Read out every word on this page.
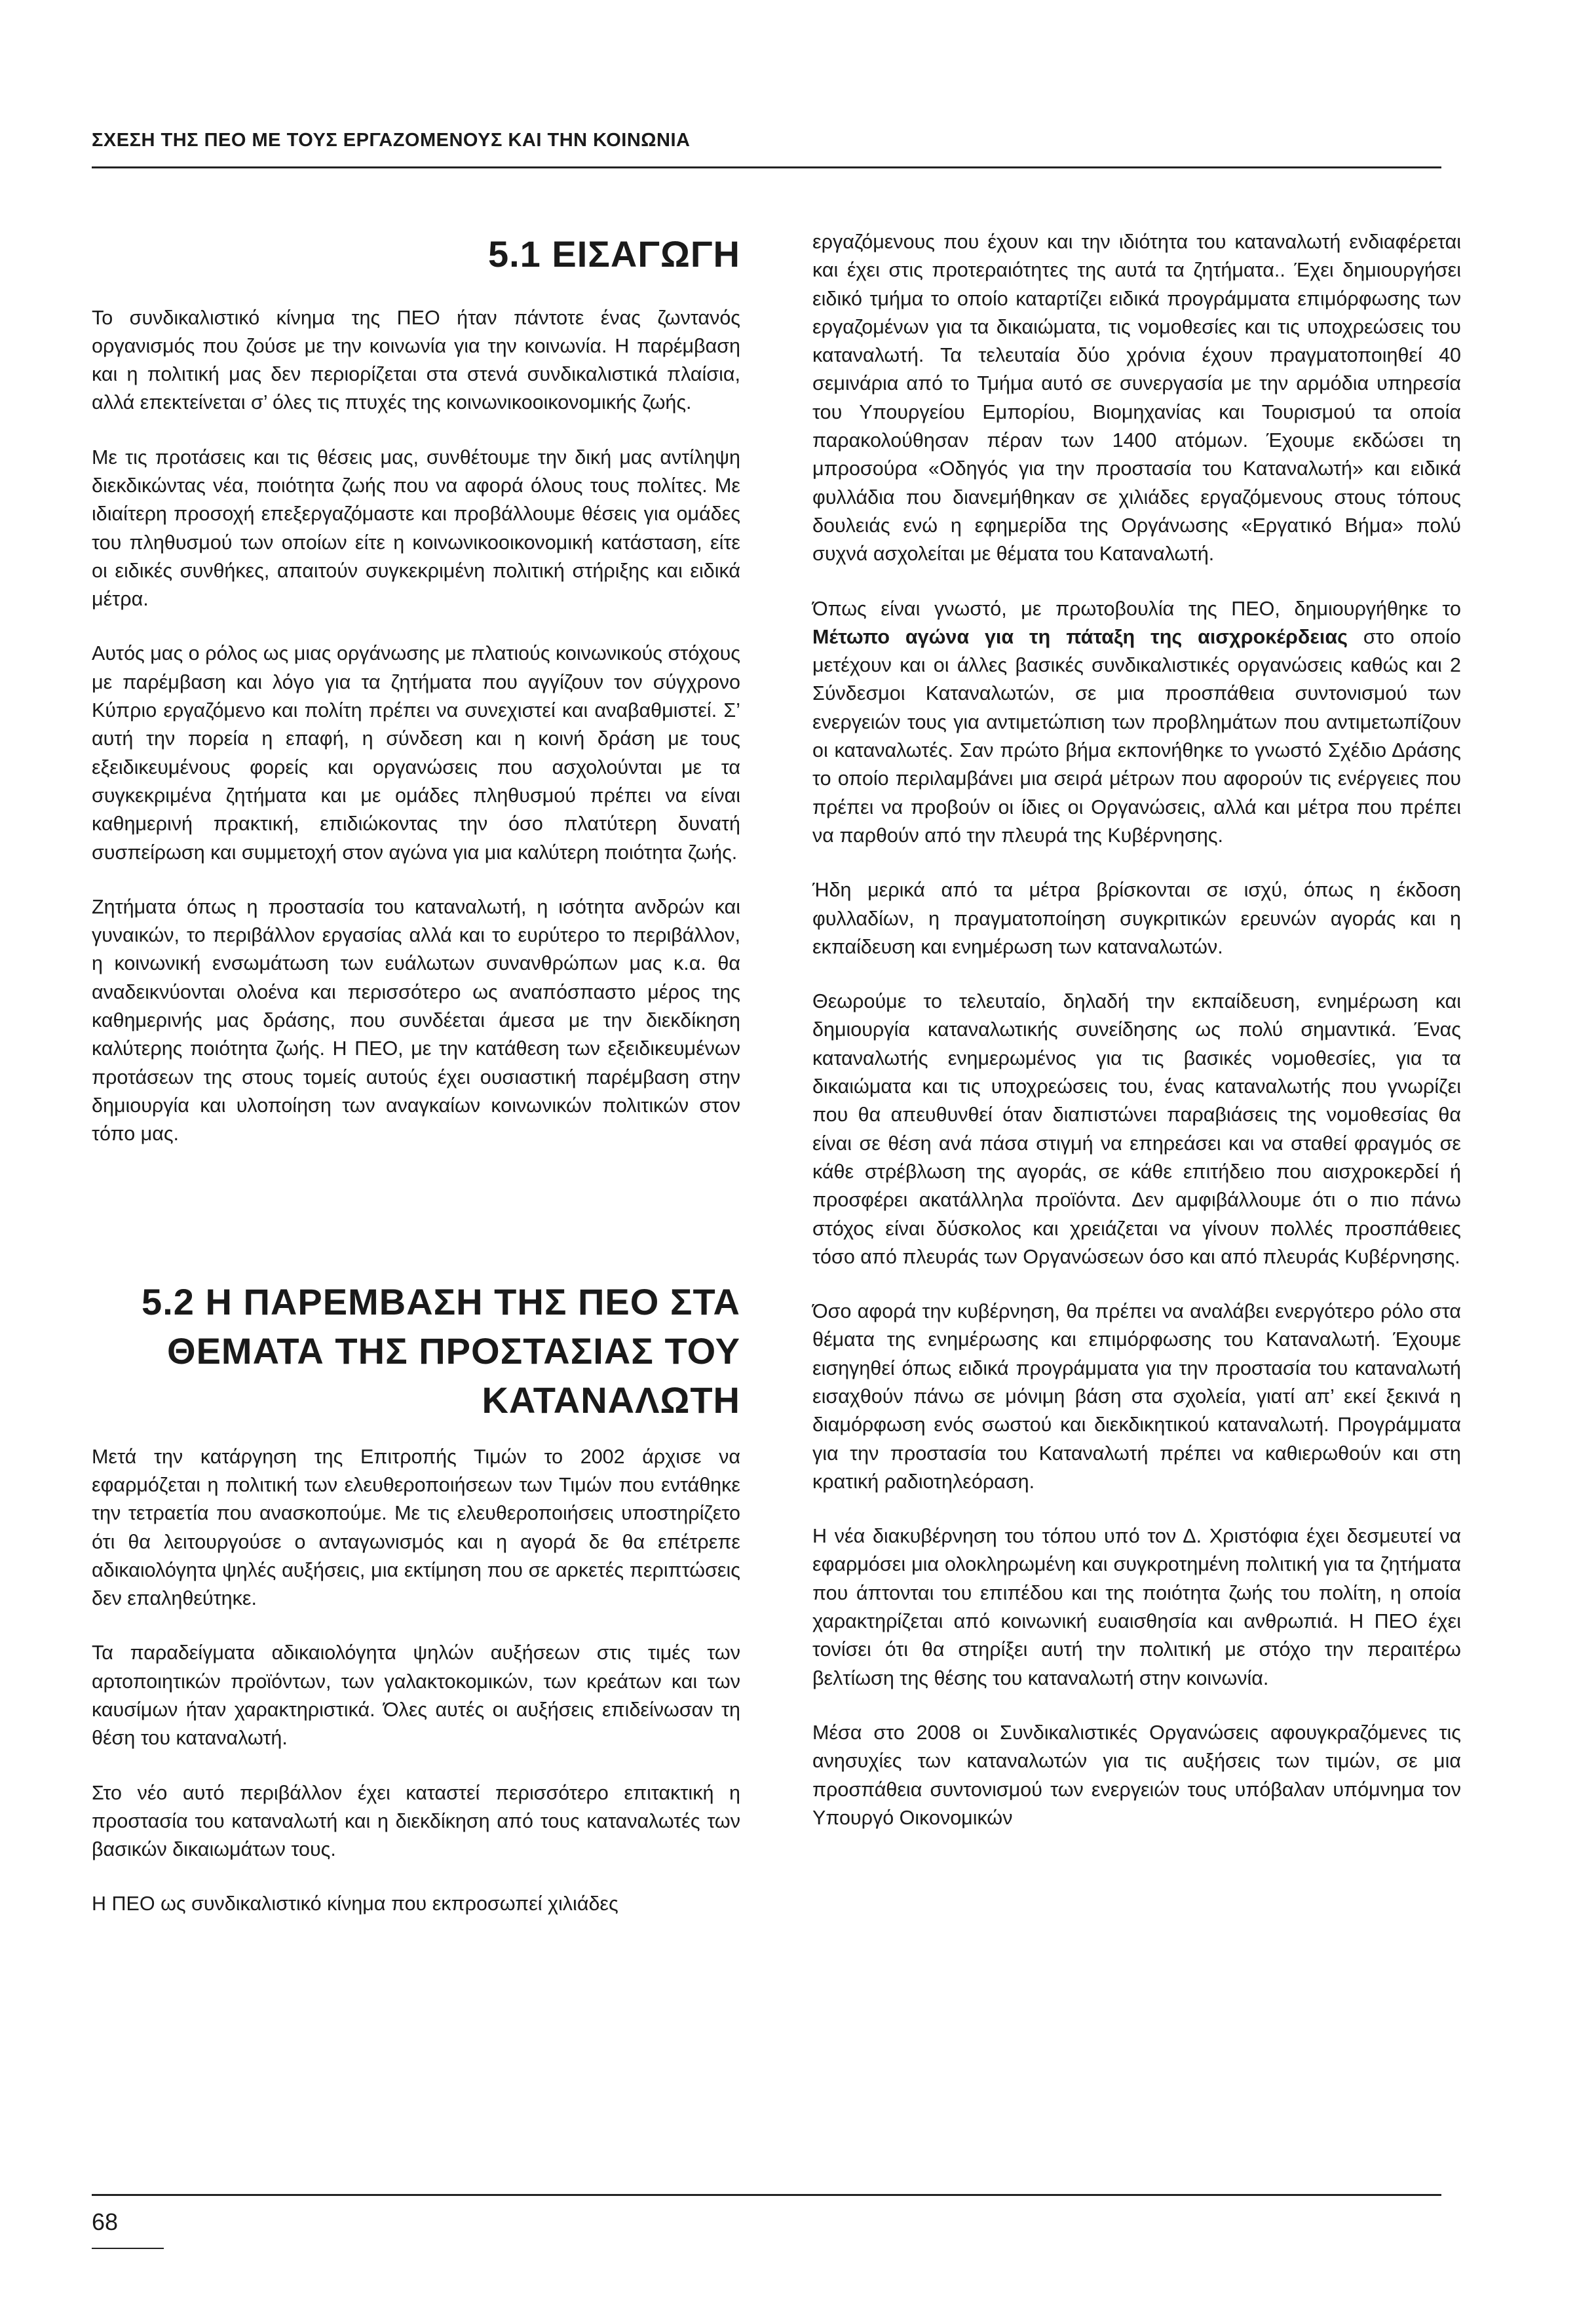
ΣΧΕΣΗ ΤΗΣ ΠΕΟ ΜΕ ΤΟΥΣ ΕΡΓΑΖΟΜΕΝΟΥΣ ΚΑΙ ΤΗΝ ΚΟΙΝΩΝΙΑ
5.1 ΕΙΣΑΓΩΓΗ

Το συνδικαλιστικό κίνημα της ΠΕΟ ήταν πάντοτε ένας ζωντανός οργανισμός που ζούσε με την κοινωνία για την κοινωνία. Η παρέμβαση και η πολιτική μας δεν περιορίζεται στα στενά συνδικαλιστικά πλαίσια, αλλά επεκτείνεται σ’ όλες τις πτυχές της κοινωνικοοικονομικής ζωής.

Με τις προτάσεις και τις θέσεις μας, συνθέτουμε την δική μας αντίληψη διεκδικώντας νέα, ποιότητα ζωής που να αφορά όλους τους πολίτες. Με ιδιαίτερη προσοχή επεξεργαζόμαστε και προβάλλουμε θέσεις για ομάδες του πληθυσμού των οποίων είτε η κοινωνικοοικονομική κατάσταση, είτε οι ειδικές συνθήκες, απαιτούν συγκεκριμένη πολιτική στήριξης και ειδικά μέτρα.

Αυτός μας ο ρόλος ως μιας οργάνωσης με πλατιούς κοινωνικούς στόχους με παρέμβαση και λόγο για τα ζητήματα που αγγίζουν τον σύγχρονο Κύπριο εργαζόμενο και πολίτη πρέπει να συνεχιστεί και αναβαθμιστεί. Σ’ αυτή την πορεία η επαφή, η σύνδεση και η κοινή δράση με τους εξειδικευμένους φορείς και οργανώσεις που ασχολούνται με τα συγκεκριμένα ζητήματα και με ομάδες πληθυσμού πρέπει να είναι καθημερινή πρακτική, επιδιώκοντας την όσο πλατύτερη δυνατή συσπείρωση και συμμετοχή στον αγώνα για μια καλύτερη ποιότητα ζωής.

Ζητήματα όπως η προστασία του καταναλωτή, η ισότητα ανδρών και γυναικών, το περιβάλλον εργασίας αλλά και το ευρύτερο το περιβάλλον, η κοινωνική ενσωμάτωση των ευάλωτων συνανθρώπων μας κ.α. θα αναδεικνύονται ολοένα και περισσότερο ως αναπόσπαστο μέρος της καθημερινής μας δράσης, που συνδέεται άμεσα με την διεκδίκηση καλύτερης ποιότητα ζωής. Η ΠΕΟ, με την κατάθεση των εξειδικευμένων προτάσεων της στους τομείς αυτούς έχει ουσιαστική παρέμβαση στην δημιουργία και υλοποίηση των αναγκαίων κοινωνικών πολιτικών στον τόπο μας.

5.2 Η ΠΑΡΕΜΒΑΣΗ ΤΗΣ ΠΕΟ ΣΤΑ
ΘΕΜΑΤΑ ΤΗΣ ΠΡΟΣΤΑΣΙΑΣ ΤΟΥ
ΚΑΤΑΝΑΛΩΤΗ

Μετά την κατάργηση της Επιτροπής Τιμών το 2002 άρχισε να εφαρμόζεται η πολιτική των ελευθεροποιήσεων των Τιμών που εντάθηκε την τετραετία που ανασκοπούμε. Με τις ελευθεροποιήσεις υποστηρίζετο ότι θα λειτουργούσε ο ανταγωνισμός και η αγορά δε θα επέτρεπε αδικαιολόγητα ψηλές αυξήσεις, μια εκτίμηση που σε αρκετές περιπτώσεις δεν επαληθεύτηκε.

Τα παραδείγματα αδικαιολόγητα ψηλών αυξήσεων στις τιμές των αρτοποιητικών προϊόντων, των γαλακτοκομικών, των κρεάτων και των καυσίμων ήταν χαρακτηριστικά. Όλες αυτές οι αυξήσεις επιδείνωσαν τη θέση του καταναλωτή.

Στο νέο αυτό περιβάλλον έχει καταστεί περισσότερο επιτακτική η προστασία του καταναλωτή και η διεκδίκηση από τους καταναλωτές των βασικών δικαιωμάτων τους.

Η ΠΕΟ ως συνδικαλιστικό κίνημα που εκπροσωπεί χιλιάδες

εργαζόμενους που έχουν και την ιδιότητα του καταναλωτή ενδιαφέρεται και έχει στις προτεραιότητες της αυτά τα ζητήματα.. Έχει δημιουργήσει ειδικό τμήμα το οποίο καταρτίζει ειδικά προγράμματα επιμόρφωσης των εργαζομένων για τα δικαιώματα, τις νομοθεσίες και τις υποχρεώσεις του καταναλωτή. Τα τελευταία δύο χρόνια έχουν πραγματοποιηθεί 40 σεμινάρια από το Τμήμα αυτό σε συνεργασία με την αρμόδια υπηρεσία του Υπουργείου Εμπορίου, Βιομηχανίας και Τουρισμού τα οποία παρακολούθησαν πέραν των 1400 ατόμων. Έχουμε εκδώσει τη μπροσούρα «Οδηγός για την προστασία του Καταναλωτή» και ειδικά φυλλάδια που διανεμήθηκαν σε χιλιάδες εργαζόμενους στους τόπους δουλειάς ενώ η εφημερίδα της Οργάνωσης «Εργατικό Βήμα» πολύ συχνά ασχολείται με θέματα του Καταναλωτή.

Όπως είναι γνωστό, με πρωτοβουλία της ΠΕΟ, δημιουργήθηκε το Μέτωπο αγώνα για τη πάταξη της αισχροκέρδειας στο οποίο μετέχουν και οι άλλες βασικές συνδικαλιστικές οργανώσεις καθώς και 2 Σύνδεσμοι Καταναλωτών, σε μια προσπάθεια συντονισμού των ενεργειών τους για αντιμετώπιση των προβλημάτων που αντιμετωπίζουν οι καταναλωτές. Σαν πρώτο βήμα εκπονήθηκε το γνωστό Σχέδιο Δράσης το οποίο περιλαμβάνει μια σειρά μέτρων που αφορούν τις ενέργειες που πρέπει να προβούν οι ίδιες οι Οργανώσεις, αλλά και μέτρα που πρέπει να παρθούν από την πλευρά της Κυβέρνησης.

Ήδη μερικά από τα μέτρα βρίσκονται σε ισχύ, όπως η έκδοση φυλλαδίων, η πραγματοποίηση συγκριτικών ερευνών αγοράς και η εκπαίδευση και ενημέρωση των καταναλωτών.

Θεωρούμε το τελευταίο, δηλαδή την εκπαίδευση, ενημέρωση και δημιουργία καταναλωτικής συνείδησης ως πολύ σημαντικά. Ένας καταναλωτής ενημερωμένος για τις βασικές νομοθεσίες, για τα δικαιώματα και τις υποχρεώσεις του, ένας καταναλωτής που γνωρίζει που θα απευθυνθεί όταν διαπιστώνει παραβιάσεις της νομοθεσίας θα είναι σε θέση ανά πάσα στιγμή να επηρεάσει και να σταθεί φραγμός σε κάθε στρέβλωση της αγοράς, σε κάθε επιτήδειο που αισχροκερδεί ή προσφέρει ακατάλληλα προϊόντα. Δεν αμφιβάλλουμε ότι ο πιο πάνω στόχος είναι δύσκολος και χρειάζεται να γίνουν πολλές προσπάθειες τόσο από πλευράς των Οργανώσεων όσο και από πλευράς Κυβέρνησης.

Όσο αφορά την κυβέρνηση, θα πρέπει να αναλάβει ενεργότερο ρόλο στα θέματα της ενημέρωσης και επιμόρφωσης του Καταναλωτή. Έχουμε εισηγηθεί όπως ειδικά προγράμματα για την προστασία του καταναλωτή εισαχθούν πάνω σε μόνιμη βάση στα σχολεία, γιατί απ’ εκεί ξεκινά η διαμόρφωση ενός σωστού και διεκδικητικού καταναλωτή. Προγράμματα για την προστασία του Καταναλωτή πρέπει να καθιερωθούν και στη κρατική ραδιοτηλεόραση.

Η νέα διακυβέρνηση του τόπου υπό τον Δ. Χριστόφια έχει δεσμευτεί να εφαρμόσει μια ολοκληρωμένη και συγκροτημένη πολιτική για τα ζητήματα που άπτονται του επιπέδου και της ποιότητα ζωής του πολίτη, η οποία χαρακτηρίζεται από κοινωνική ευαισθησία και ανθρωπιά. Η ΠΕΟ έχει τονίσει ότι θα στηρίξει αυτή την πολιτική με στόχο την περαιτέρω βελτίωση της θέσης του καταναλωτή στην κοινωνία.

Μέσα στο 2008 οι Συνδικαλιστικές Οργανώσεις αφουγκραζόμενες τις ανησυχίες των καταναλωτών για τις αυξήσεις των τιμών, σε μια προσπάθεια συντονισμού των ενεργειών τους υπόβαλαν υπόμνημα τον Υπουργό Οικονομικών

68
